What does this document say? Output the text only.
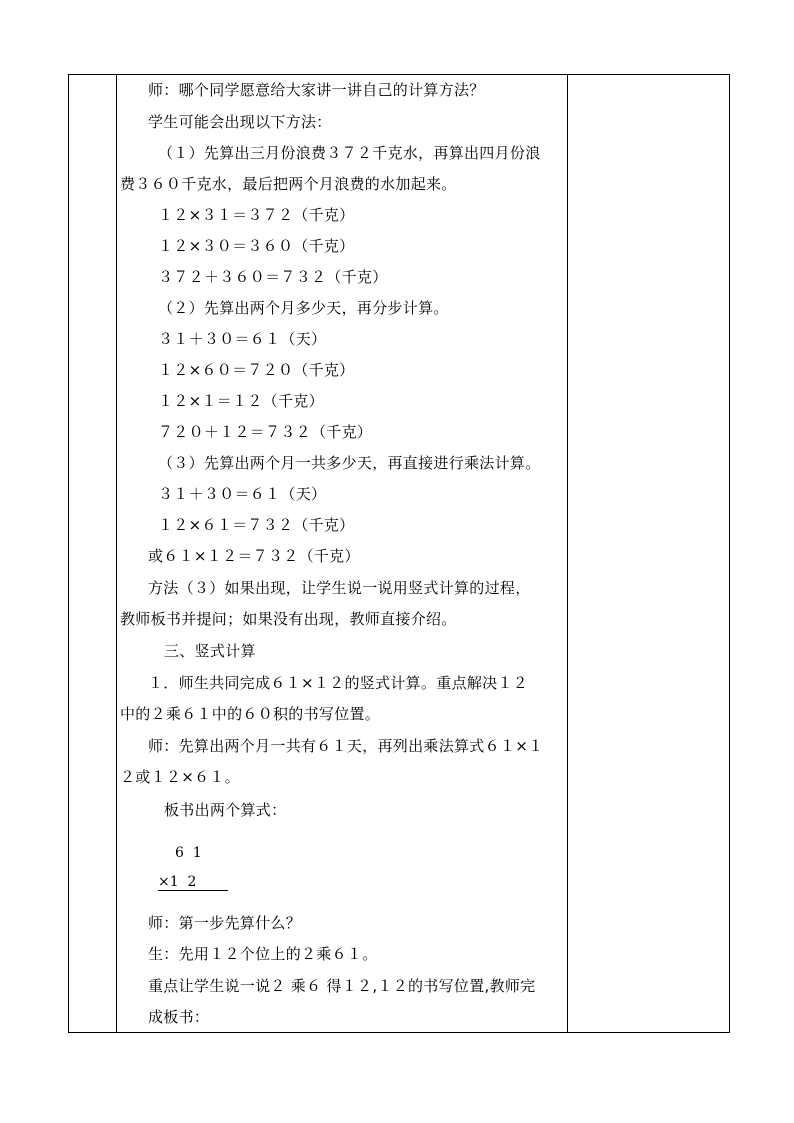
师：哪个同学愿意给大家讲一讲自己的计算方法？
学生可能会出现以下方法：
（１）先算出三月份浪费３７２千克水，再算出四月份浪
费３６０千克水，最后把两个月浪费的水加起来。
１２×３１＝３７２（千克）
１２×３０＝３６０（千克）
３７２＋３６０＝７３２（千克）
（２）先算出两个月多少天，再分步计算。
３１＋３０＝６１（天）
１２×６０＝７２０（千克）
１２×１＝１２（千克）
７２０＋１２＝７３２（千克）
（３）先算出两个月一共多少天，再直接进行乘法计算。
３１＋３０＝６１（天）
１２×６１＝７３２（千克）
或６１×１２＝７３２（千克）
方法（３）如果出现，让学生说一说用竖式计算的过程，
教师板书并提问；如果没有出现，教师直接介绍。
三、竖式计算
１．师生共同完成６１×１２的竖式计算。重点解决１２
中的２乘６１中的６０积的书写位置。
师：先算出两个月一共有６１天，再列出乘法算式６１×１
２或１２×６１。
板书出两个算式：
6  1
×1  2
师：第一步先算什么？
生：先用１２个位上的２乘６１。
重点让学生说一说２ 乘６ 得１２,１２的书写位置,教师完
成板书：
